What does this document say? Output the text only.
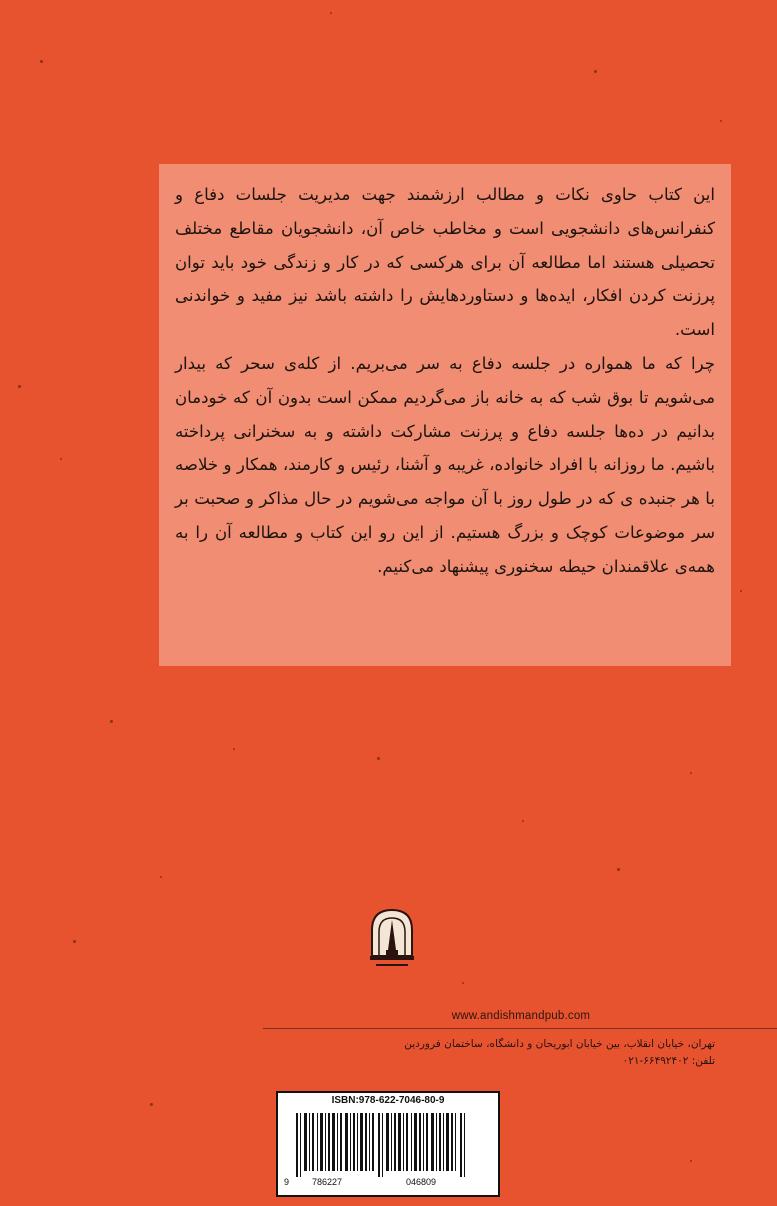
این کتاب حاوی نکات و مطالب ارزشمند جهت مدیریت جلسات دفاع و کنفرانس‌های دانشجویی است و مخاطب خاص آن، دانشجویان مقاطع مختلف تحصیلی هستند اما مطالعه آن برای هرکسی که در کار و زندگی خود باید توان پرزنت کردن افکار، ایده‌ها و دستاوردهایش را داشته باشد نیز مفید و خواندنی است.

چرا که ما همواره در جلسه دفاع به سر می‌بریم. از کله‌ی سحر که بیدار می‌شویم تا بوق شب که به خانه باز می‌گردیم ممکن است بدون آن که خودمان بدانیم در ده‌ها جلسه دفاع و پرزنت مشارکت داشته و به سخنرانی پرداخته باشیم. ما روزانه با افراد خانواده، غریبه و آشنا، رئیس و کارمند، همکار و خلاصه با هر جنبده ی که در طول روز با آن مواجه می‌شویم در حال مذاکر و صحبت بر سر موضوعات کوچک و بزرگ هستیم. از این رو این کتاب و مطالعه آن را به همه‌ی علاقمندان حیطه سخنوری پیشنهاد می‌کنیم.

www.andishmandpub.com
تهران، خیابان انقلاب، بین خیابان ابوریحان و دانشگاه، ساختمان فروردین
تلفن: ۶۶۴۹۲۴۰۲-۰۲۱
ISBN:978-622-7046-80-9
9	786227	046809
